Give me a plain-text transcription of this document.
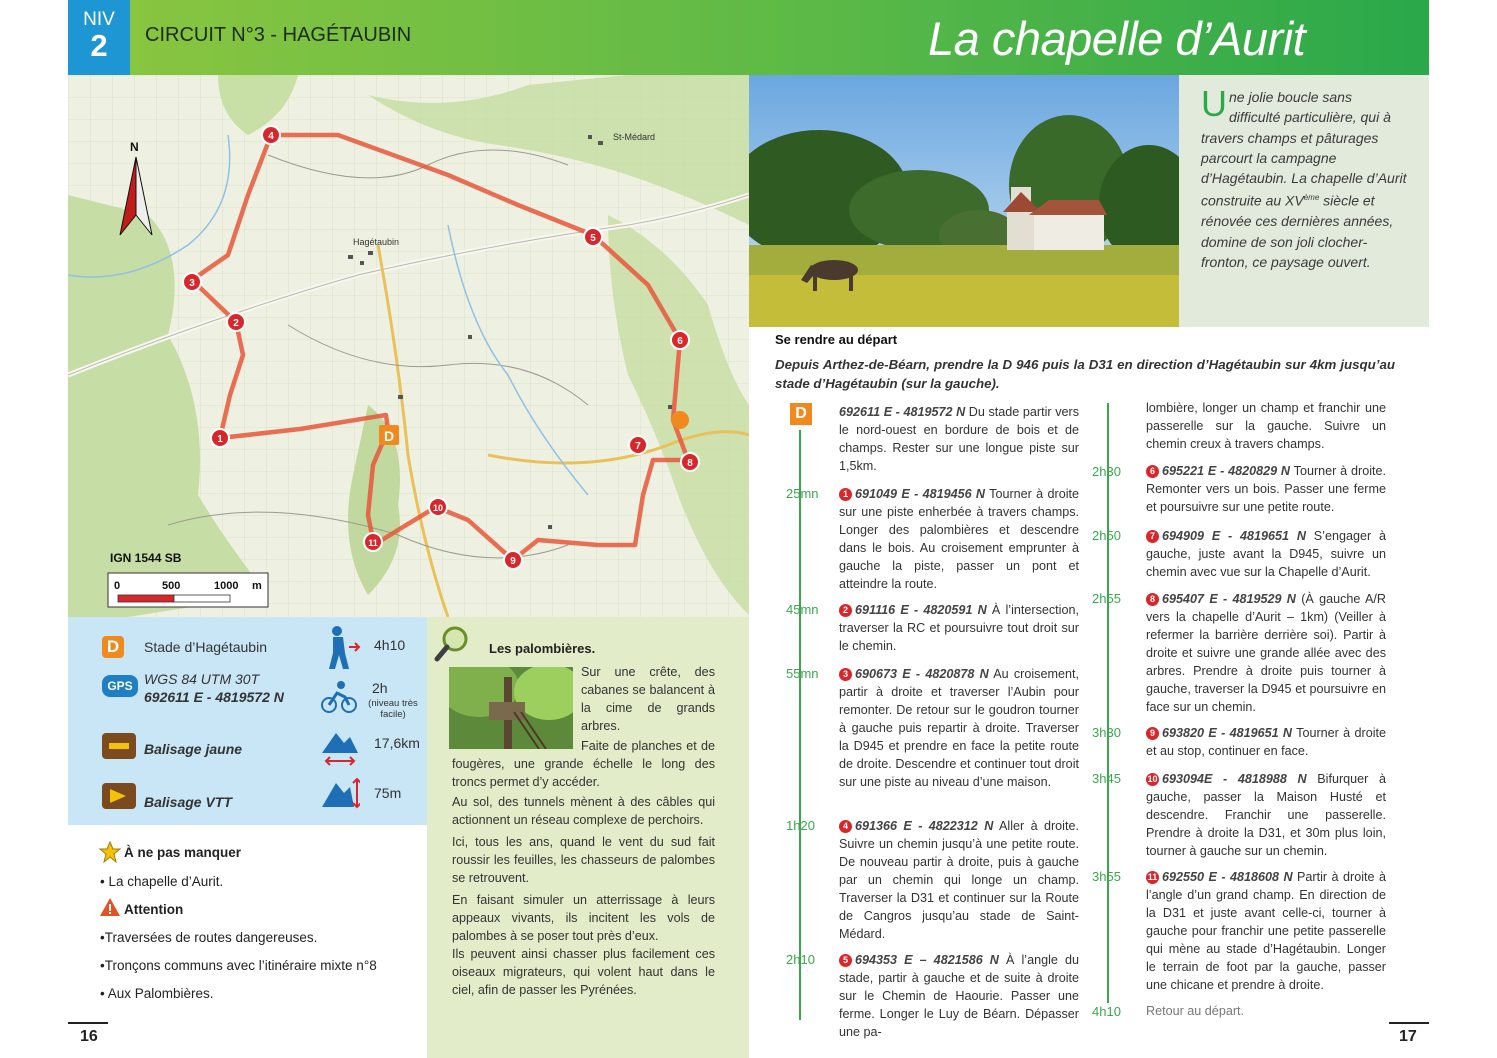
NIV
2	CIRCUIT N°3 - HAGÉTAUBIN	La chapelle d’Aurit
Hagétaubin
St-Médard
N
D
1
2
3
4
5
6
7
8
9
10
11
IGN 1544 SB
0	500	1000 m

Une jolie boucle sans difficulté particulière, qui à travers champs et pâturages parcourt la campagne d’Hagétaubin. La chapelle d’Aurit construite au XVème siècle et rénovée ces dernières années, domine de son joli clocher-fronton, ce paysage ouvert.

Se rendre au départ
Depuis Arthez-de-Béarn, prendre la D 946 puis la D31 en direction d’Hagétaubin sur 4km jusqu’au stade d’Hagétaubin (sur la gauche).
D	Stade d’Hagétaubin
GPS WGS 84 UTM 30T
692611 E - 4819572 N
Balisage jaune
Balisage VTT
4h10
2h
(niveau très facile)
17,6km
75m
Les palombières.

Sur une crête, des cabanes se balancent à la cime de grands arbres.

Faite de planches et de fougères, une grande échelle le long des troncs permet d’y accéder.

Au sol, des tunnels mènent à des câbles qui actionnent un réseau complexe de perchoirs.

Ici, tous les ans, quand le vent du sud fait roussir les feuilles, les chasseurs de palombes se retrouvent.

En faisant simuler un atterrissage à leurs appeaux vivants, ils incitent les vols de palombes à se poser tout près d’eux.

Ils peuvent ainsi chasser plus facilement ces oiseaux migrateurs, qui volent haut dans le ciel, afin de passer les Pyrénées.

À ne pas manquer
• La chapelle d’Aurit.
Attention
•Traversées de routes dangereuses.
•Tronçons communs avec l’itinéraire mixte n°8
• Aux Palombières.
D	692611 E - 4819572 N Du stade partir vers le nord-ouest en bordure de bois et de champs. Rester sur une longue piste sur 1,5km.
25mn	1 691049 E - 4819456 N Tourner à droite sur une piste enherbée à travers champs. Longer des palombières et descendre dans le bois. Au croisement emprunter à gauche la piste, passer un pont et atteindre la route.
45mn	2 691116 E - 4820591 N À l’intersection, traverser la RC et poursuivre tout droit sur le chemin.
55mn	3 690673 E - 4820878 N Au croisement, partir à droite et traverser l’Aubin pour remonter. De retour sur le goudron tourner à gauche puis repartir à droite. Traverser la D945 et prendre en face la petite route de droite. Descendre et continuer tout droit sur une piste au niveau d’une maison.
1h20	4 691366 E - 4822312 N Aller à droite. Suivre un chemin jusqu’à une petite route. De nouveau partir à droite, puis à gauche par un chemin qui longe un champ. Traverser la D31 et continuer sur la Route de Cangros jusqu’au stade de Saint-Médard.
2h10	5 694353 E – 4821586 N À l’angle du stade, partir à gauche et de suite à droite sur le Chemin de Haourie. Passer une ferme. Longer le Luy de Béarn. Dépasser une pa-
lombière, longer un champ et franchir une passerelle sur la gauche. Suivre un chemin creux à travers champs.
2h30	6 695221 E - 4820829 N Tourner à droite. Remonter vers un bois. Passer une ferme et poursuivre sur une petite route.
2h50	7 694909 E - 4819651 N S’engager à gauche, juste avant la D945, suivre un chemin avec vue sur la Chapelle d’Aurit.
2h55	8 695407 E - 4819529 N (À gauche A/R vers la chapelle d’Aurit – 1km) (Veiller à refermer la barrière derrière soi). Partir à droite et suivre une grande allée avec des arbres. Prendre à droite puis tourner à gauche, traverser la D945 et poursuivre en face sur un chemin.
3h30	9 693820 E - 4819651 N Tourner à droite et au stop, continuer en face.
3h45	10 693094E - 4818988 N Bifurquer à gauche, passer la Maison Husté et descendre. Franchir une passerelle. Prendre à droite la D31, et 30m plus loin, tourner à gauche sur un chemin.
3h55	11 692550 E - 4818608 N Partir à droite à l’angle d’un grand champ. En direction de la D31 et juste avant celle-ci, tourner à gauche pour franchir une petite passerelle qui mène au stade d’Hagétaubin. Longer le terrain de foot par la gauche, passer une chicane et prendre à droite.
4h10 Retour au départ.
16	17
